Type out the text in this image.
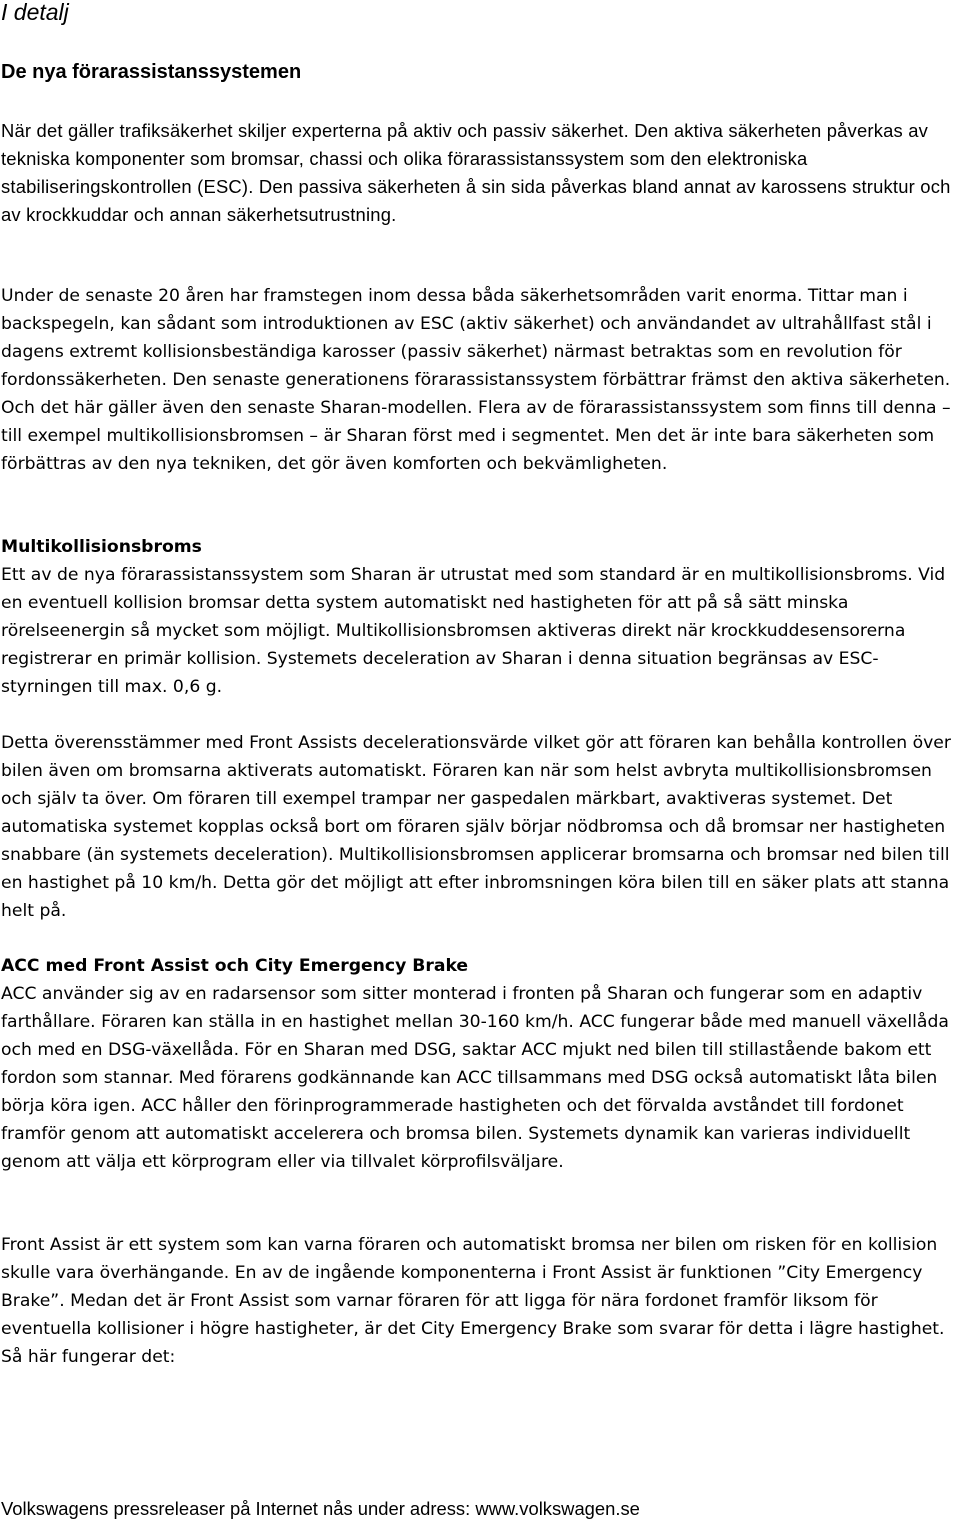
I detalj
De nya förarassistanssystemen

När det gäller trafiksäkerhet skiljer experterna på aktiv och passiv säkerhet. Den aktiva säkerheten påverkas av tekniska komponenter som bromsar, chassi och olika förarassistanssystem som den elektroniska stabiliseringskontrollen (ESC). Den passiva säkerheten å sin sida påverkas bland annat av karossens struktur och av krockkuddar och annan säkerhetsutrustning.

Under de senaste 20 åren har framstegen inom dessa båda säkerhetsområden varit enorma. Tittar man i backspegeln, kan sådant som introduktionen av ESC (aktiv säkerhet) och användandet av ultrahållfast stål i dagens extremt kollisionsbeständiga karosser (passiv säkerhet) närmast betraktas som en revolution för fordonssäkerheten. Den senaste generationens förarassistanssystem förbättrar främst den aktiva säkerheten. Och det här gäller även den senaste Sharan-modellen. Flera av de förarassistanssystem som finns till denna – till exempel multikollisionsbromsen – är Sharan först med i segmentet. Men det är inte bara säkerheten som förbättras av den nya tekniken, det gör även komforten och bekvämligheten.

Multikollisionsbroms

Ett av de nya förarassistanssystem som Sharan är utrustat med som standard är en multikollisionsbroms. Vid en eventuell kollision bromsar detta system automatiskt ned hastigheten för att på så sätt minska rörelseenergin så mycket som möjligt. Multikollisionsbromsen aktiveras direkt när krockkuddesensorerna registrerar en primär kollision. Systemets deceleration av Sharan i denna situation begränsas av ESC-styrningen till max. 0,6 g.

Detta överensstämmer med Front Assists decelerationsvärde vilket gör att föraren kan behålla kontrollen över bilen även om bromsarna aktiverats automatiskt. Föraren kan när som helst avbryta multikollisionsbromsen och själv ta över. Om föraren till exempel trampar ner gaspedalen märkbart, avaktiveras systemet. Det automatiska systemet kopplas också bort om föraren själv börjar nödbromsa och då bromsar ner hastigheten snabbare (än systemets deceleration). Multikollisionsbromsen applicerar bromsarna och bromsar ned bilen till en hastighet på 10 km/h. Detta gör det möjligt att efter inbromsningen köra bilen till en säker plats att stanna helt på.

ACC med Front Assist och City Emergency Brake

ACC använder sig av en radarsensor som sitter monterad i fronten på Sharan och fungerar som en adaptiv farthållare. Föraren kan ställa in en hastighet mellan 30-160 km/h. ACC fungerar både med manuell växellåda och med en DSG-växellåda. För en Sharan med DSG, saktar ACC mjukt ned bilen till stillastående bakom ett fordon som stannar. Med förarens godkännande kan ACC tillsammans med DSG också automatiskt låta bilen börja köra igen. ACC håller den förinprogrammerade hastigheten och det förvalda avståndet till fordonet framför genom att automatiskt accelerera och bromsa bilen. Systemets dynamik kan varieras individuellt genom att välja ett körprogram eller via tillvalet körprofilsväljare.

Front Assist är ett system som kan varna föraren och automatiskt bromsa ner bilen om risken för en kollision skulle vara överhängande. En av de ingående komponenterna i Front Assist är funktionen ”City Emergency Brake”. Medan det är Front Assist som varnar föraren för att ligga för nära fordonet framför liksom för eventuella kollisioner i högre hastigheter, är det City Emergency Brake som svarar för detta i lägre hastighet. Så här fungerar det:

Volkswagens pressreleaser på Internet nås under adress: www.volkswagen.se
